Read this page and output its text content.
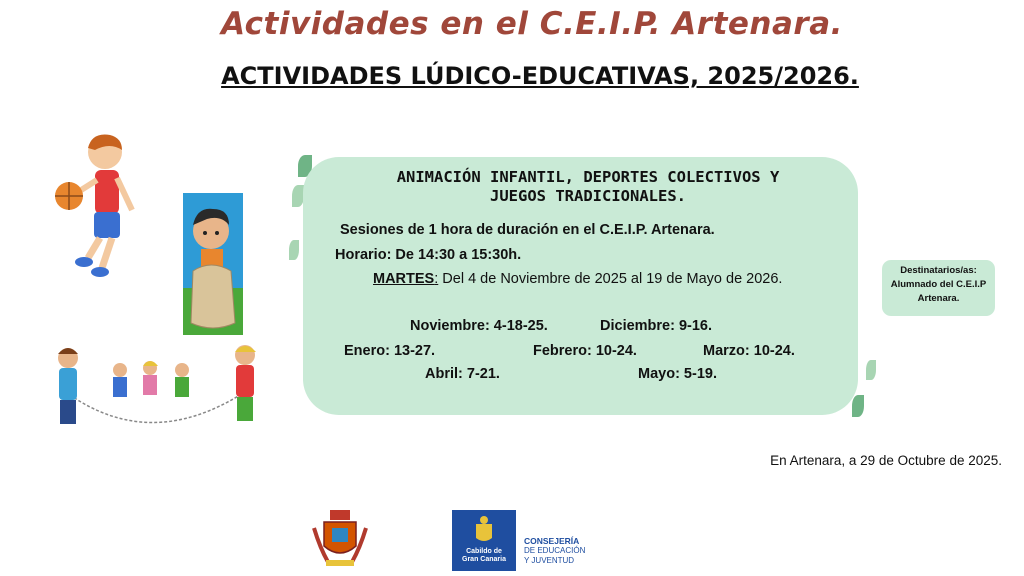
Actividades en el C.E.I.P. Artenara.
ACTIVIDADES LÚDICO-EDUCATIVAS, 2025/2026.
ANIMACIÓN INFANTIL, DEPORTES COLECTIVOS Y
JUEGOS TRADICIONALES.
Sesiones de 1 hora de duración en el C.E.I.P. Artenara.
Horario: De 14:30 a 15:30h.
MARTES: Del 4 de Noviembre de 2025 al 19 de Mayo de 2026.
Noviembre: 4-18-25.	Diciembre: 9-16.
Enero: 13-27.	Febrero: 10-24.	Marzo: 10-24.
Abril: 7-21.	Mayo: 5-19.
Destinatarios/as:
Alumnado del C.E.I.P
Artenara.
En Artenara, a 29 de Octubre de 2025.
Cabildo de
Gran Canaria
CONSEJERÍA
DE EDUCACIÓN
Y JUVENTUD
